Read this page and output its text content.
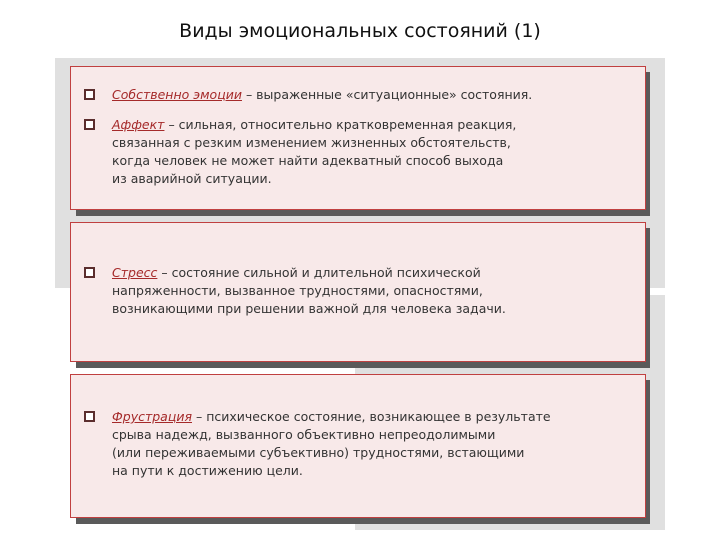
Виды эмоциональных состояний (1)
Собственно эмоции – выраженные «ситуационные» состояния.
Аффект – сильная, относительно кратковременная реакция,
связанная с резким изменением жизненных обстоятельств,
когда человек не может найти адекватный способ выхода
из аварийной ситуации.
Стресс – состояние сильной и длительной психической
напряженности, вызванное трудностями, опасностями,
возникающими при решении важной для человека задачи.
Фрустрация – психическое состояние, возникающее в результате
срыва надежд, вызванного объективно непреодолимыми
(или переживаемыми субъективно) трудностями, встающими
на пути к достижению цели.
